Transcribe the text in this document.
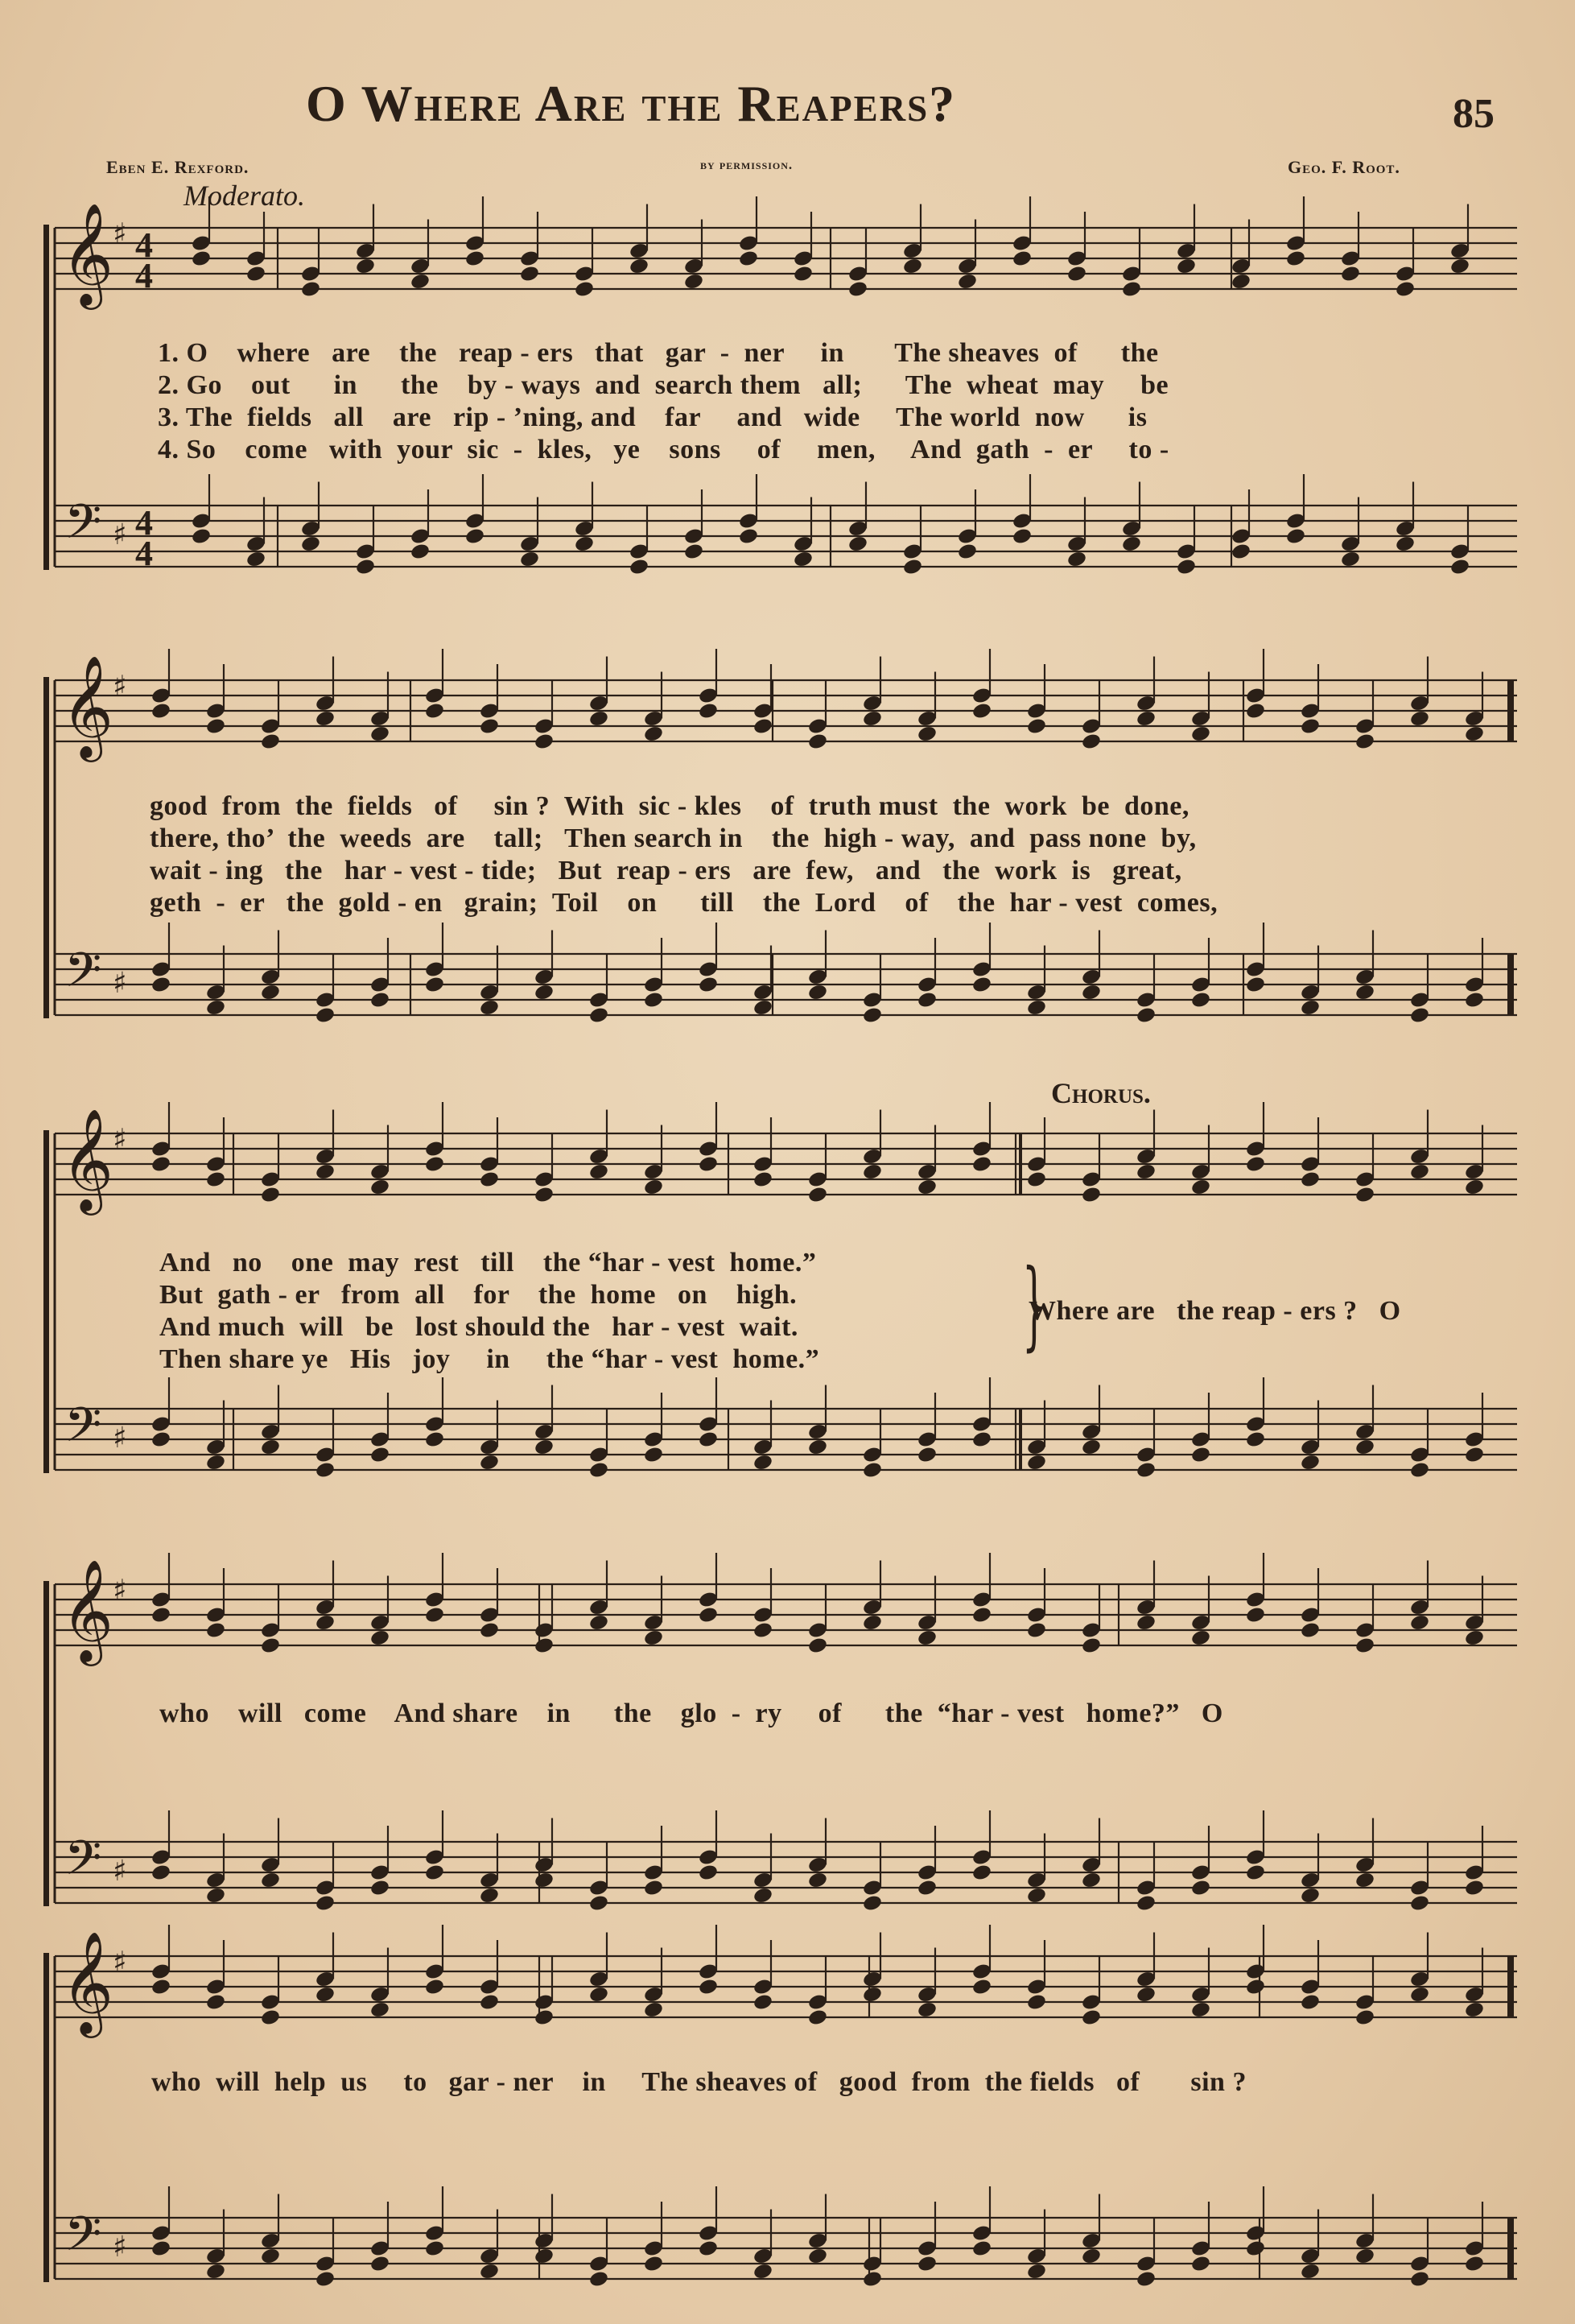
O Where Are the Reapers?	85
Eben E. Rexford.	by permission.	Geo. F. Root.
Moderato.
Chorus.
𝄞
𝄢
♯
♯
𝄞
𝄢
♯
♯
𝄞
𝄢
♯
♯
𝄞
𝄢
♯
♯
𝄞
𝄢
♯
♯
4
4
4
4
1. O    where   are    the   reap - ers   that   gar  -  ner     in       The sheaves  of      the
2. Go    out      in      the    by - ways  and  search them   all;      The  wheat  may     be
3. The  fields   all    are   rip - ’ning, and    far     and   wide     The world  now      is
4. So    come   with  your  sic  -  kles,   ye    sons     of     men,     And  gath  -  er     to -
good  from  the  fields   of     sin ?  With  sic - kles    of  truth must  the  work  be  done,
there, tho’  the  weeds  are    tall;   Then search in    the  high - way,  and  pass none  by,
wait - ing   the   har - vest - tide;   But  reap - ers   are  few,   and   the  work  is   great,
geth  -  er   the  gold - en   grain;  Toil    on      till    the  Lord    of    the  har - vest  comes,
And   no    one  may  rest   till    the “har - vest  home.”
But  gath - er   from  all    for    the  home   on    high.
And much  will   be   lost should the   har - vest  wait.
Then share ye   His   joy     in     the “har - vest  home.” }
Where are   the reap - ers ?   O
who    will   come    And share    in      the    glo  -  ry     of      the  “har - vest   home?”   O
who  will  help  us     to   gar - ner    in     The sheaves of   good  from  the fields   of       sin ?
